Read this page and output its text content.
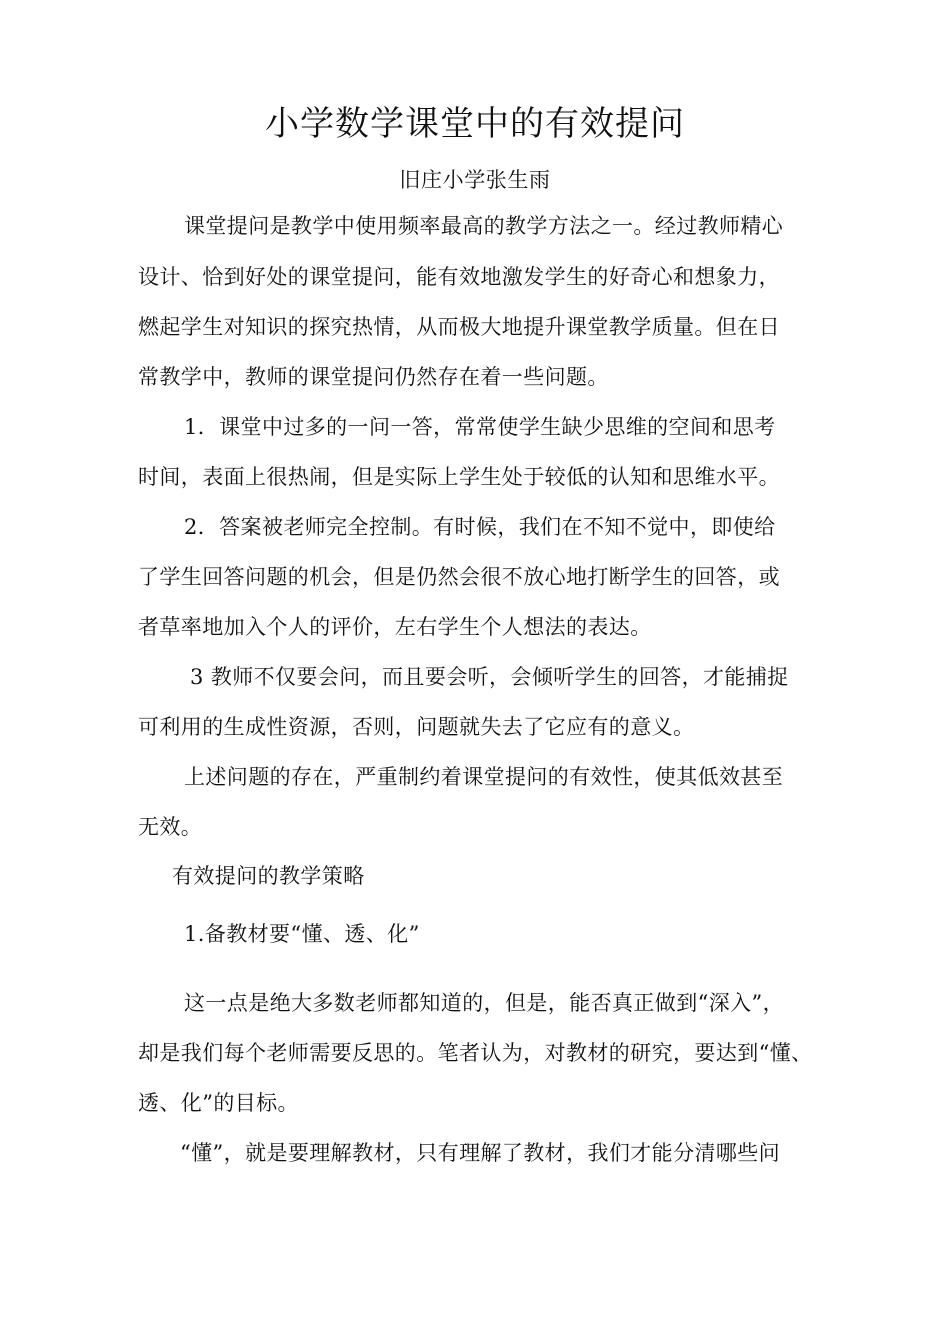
小学数学课堂中的有效提问
旧庄小学张生雨
课堂提问是教学中使用频率最高的教学方法之一。经过教师精心
设计、恰到好处的课堂提问，能有效地激发学生的好奇心和想象力，
燃起学生对知识的探究热情，从而极大地提升课堂教学质量。但在日
常教学中，教师的课堂提问仍然存在着一些问题。
1．课堂中过多的一问一答，常常使学生缺少思维的空间和思考
时间，表面上很热闹，但是实际上学生处于较低的认知和思维水平。
2．答案被老师完全控制。有时候，我们在不知不觉中，即使给
了学生回答问题的机会，但是仍然会很不放心地打断学生的回答，或
者草率地加入个人的评价，左右学生个人想法的表达。
3 教师不仅要会问，而且要会听，会倾听学生的回答，才能捕捉
可利用的生成性资源，否则，问题就失去了它应有的意义。
上述问题的存在，严重制约着课堂提问的有效性，使其低效甚至
无效。
有效提问的教学策略
1.备教材要“懂、透、化”
这一点是绝大多数老师都知道的，但是，能否真正做到“深入”，
却是我们每个老师需要反思的。笔者认为，对教材的研究，要达到“懂、
透、化”的目标。
“懂”，就是要理解教材，只有理解了教材，我们才能分清哪些问
